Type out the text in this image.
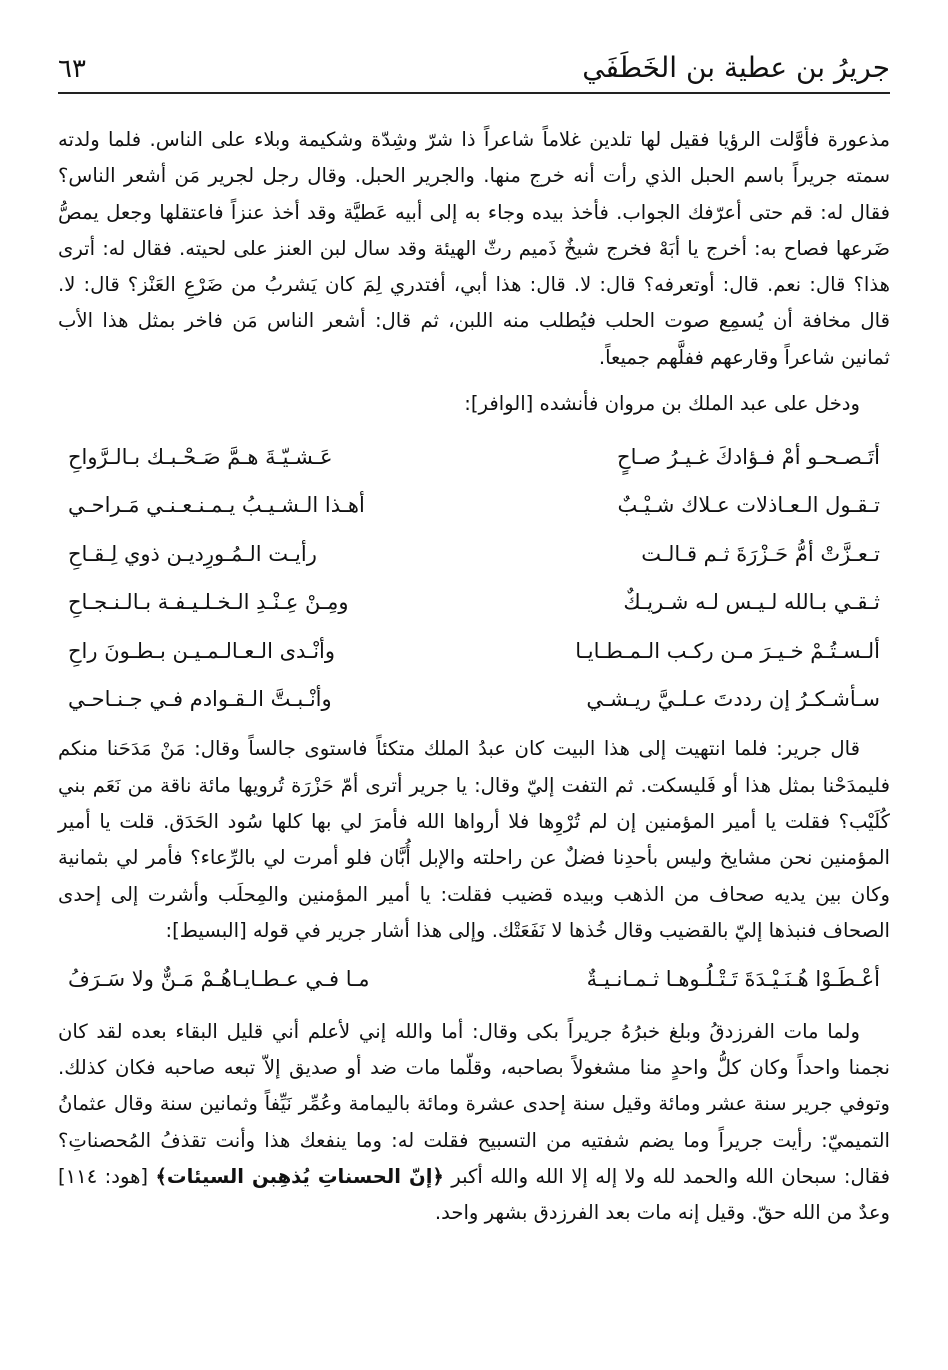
جريرُ بن عطية بن الخَطَفَي
٦٣

مذعورة فأوَّلت الرؤيا فقيل لها تلدين غلاماً شاعراً ذا شرّ وشِدّة وشكيمة وبلاء على الناس. فلما ولدته سمته جريراً باسم الحبل الذي رأت أنه خرج منها. والجرير الحبل. وقال رجل لجرير مَن أشعر الناس؟ فقال له: قم حتى أعرّفك الجواب. فأخذ بيده وجاء به إلى أبيه عَطيَّة وقد أخذ عنزاً فاعتقلها وجعل يمصُّ ضَرعها فصاح به: أخرج يا أبَهْ فخرج شيخٌ ذَميم رثّ الهيئة وقد سال لبن العنز على لحيته. فقال له: أترى هذا؟ قال: نعم. قال: أوتعرفه؟ قال: لا. قال: هذا أبي، أفتدري لِمَ كان يَشربُ من ضَرْعِ العَنْز؟ قال: لا. قال مخافة أن يُسمِع صوت الحلب فيُطلب منه اللبن، ثم قال: أشعر الناس مَن فاخر بمثل هذا الأب ثمانين شاعراً وقارعهم ففلَّهم جميعاً.

ودخل على عبد الملك بن مروان فأنشده [الوافر]:

أتَـصـحـو أمْ فـؤادكَ غـيـرُ صـاحٍ
عَـشـيّـةَ هـمَّ صَـحْـبـك بـالـرَّواحِ
تـقـول الـعـاذلات عـلاك شـيْـبٌ
أهـذا الـشـيـبُ يـمـنـعـنـي مَـراحـي
تـعـزَّتْ أمُّ حَـزْرَةَ ثـم قـالـت
رأيـت الـمُـورِديـن ذوي لِـقـاحِ
ثـقـي بـالله لـيـس لـه شـريـكٌ
ومِـنْ عِـنْـدِ الـخـلـيـفـة بـالـنـجـاحِ
ألـسـتُـمْ خـيـرَ مـن ركـب الـمـطـايـا
وأنْـدى الـعـالـمـيـن بـطـونَ راحِ
سـأشـكـرُ إن رددتَ عـلـيَّ ريـشـي
وأنْـبـتَّ الـقـوادم فـي جـنـاحـي

قال جرير: فلما انتهيت إلى هذا البيت كان عبدُ الملك متكئاً فاستوى جالساً وقال: مَنْ مَدَحَنا منكم فليمدَحْنا بمثل هذا أو فَليسكت. ثم التفت إليّ وقال: يا جرير أترى أمّ حَزْرَة تُرويها مائة ناقة من نَعَم بني كُلَيْب؟ فقلت يا أمير المؤمنين إن لم تُرْوِها فلا أرواها الله فأمرَ لي بها كلها سُود الحَدَق. قلت يا أمير المؤمنين نحن مشايخ وليس بأحدِنا فضلٌ عن راحلته والإبل أُبَّان فلو أمرت لي بالرِّعاء؟ فأمر لي بثمانية وكان بين يديه صحاف من الذهب وبيده قضيب فقلت: يا أمير المؤمنين والمِحلَب وأشرت إلى إحدى الصحاف فنبذها إليّ بالقضيب وقال خُذها لا نَفَعَتْك. وإلى هذا أشار جرير في قوله [البسيط]:

أعْـطَـوْا هُـنَـيْـدَةَ تَـتْـلُـوهـا ثـمـانـيـةٌ
مـا فـي عـطـايـاهُـمْ مَـنٌّ ولا سَـرَفُ

ولما مات الفرزدقُ وبلغ خبرُهُ جريراً بكى وقال: أما والله إني لأعلم أني قليل البقاء بعده لقد كان نجمنا واحداً وكان كلُّ واحدٍ منا مشغولاً بصاحبه، وقلّما مات ضد أو صديق إلاّ تبعه صاحبه فكان كذلك. وتوفي جرير سنة عشر ومائة وقيل سنة إحدى عشرة ومائة باليمامة وعُمِّر نَيِّفاً وثمانين سنة وقال عثمانُ التميميّ: رأيت جريراً وما يضم شفتيه من التسبيح فقلت له: وما ينفعك هذا وأنت تقذفُ المُحصناتِ؟ فقال: سبحان الله والحمد لله ولا إله إلا الله والله أكبر ﴿إنّ الحسناتِ يُذهِبن السيئات﴾ [هود: ١١٤] وعدٌ من الله حقّ. وقيل إنه مات بعد الفرزدق بشهر واحد.
